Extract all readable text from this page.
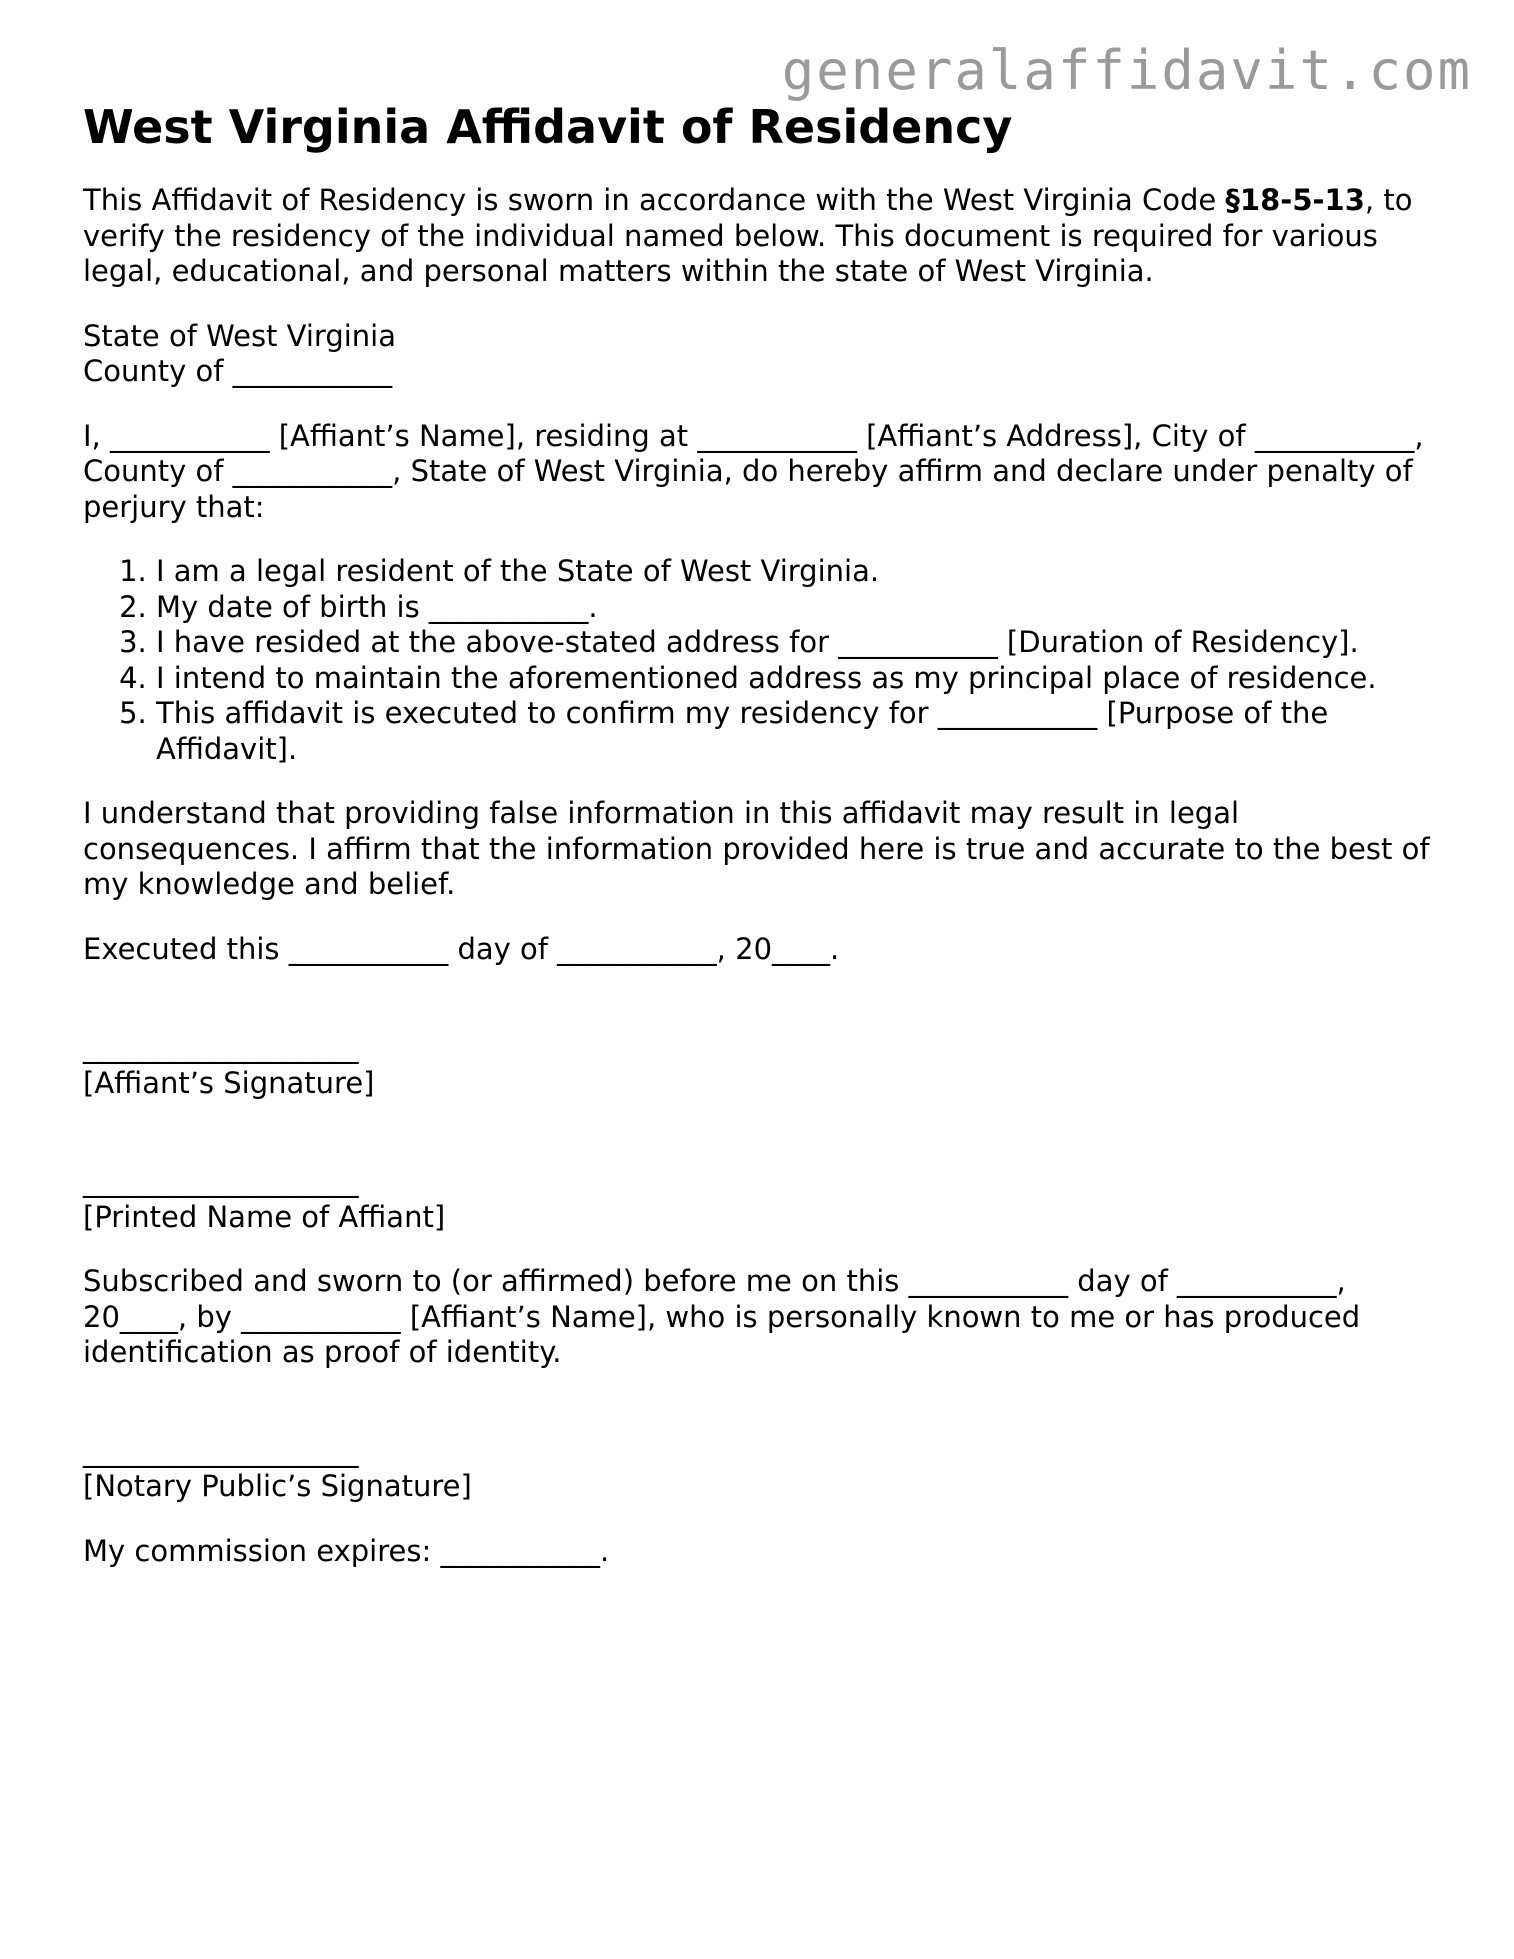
generalaffidavit.com
West Virginia Affidavit of Residency

This Affidavit of Residency is sworn in accordance with the West Virginia Code §18-5-13, to verify the residency of the individual named below. This document is required for various legal, educational, and personal matters within the state of West Virginia.

State of West Virginia
County of ___________

I, ___________ [Affiant’s Name], residing at ___________ [Affiant’s Address], City of ___________, County of ___________, State of West Virginia, do hereby affirm and declare under penalty of perjury that:

1. I am a legal resident of the State of West Virginia.
2. My date of birth is ___________.
3. I have resided at the above-stated address for ___________ [Duration of Residency].
4. I intend to maintain the aforementioned address as my principal place of residence.
5. This affidavit is executed to confirm my residency for ___________ [Purpose of the Affidavit].

I understand that providing false information in this affidavit may result in legal consequences. I affirm that the information provided here is true and accurate to the best of my knowledge and belief.

Executed this ___________ day of ___________, 20____.

___________________
[Affiant’s Signature]
___________________
[Printed Name of Affiant]

Subscribed and sworn to (or affirmed) before me on this ___________ day of ___________, 20____, by ___________ [Affiant’s Name], who is personally known to me or has produced identification as proof of identity.

___________________
[Notary Public’s Signature]

My commission expires: ___________.
